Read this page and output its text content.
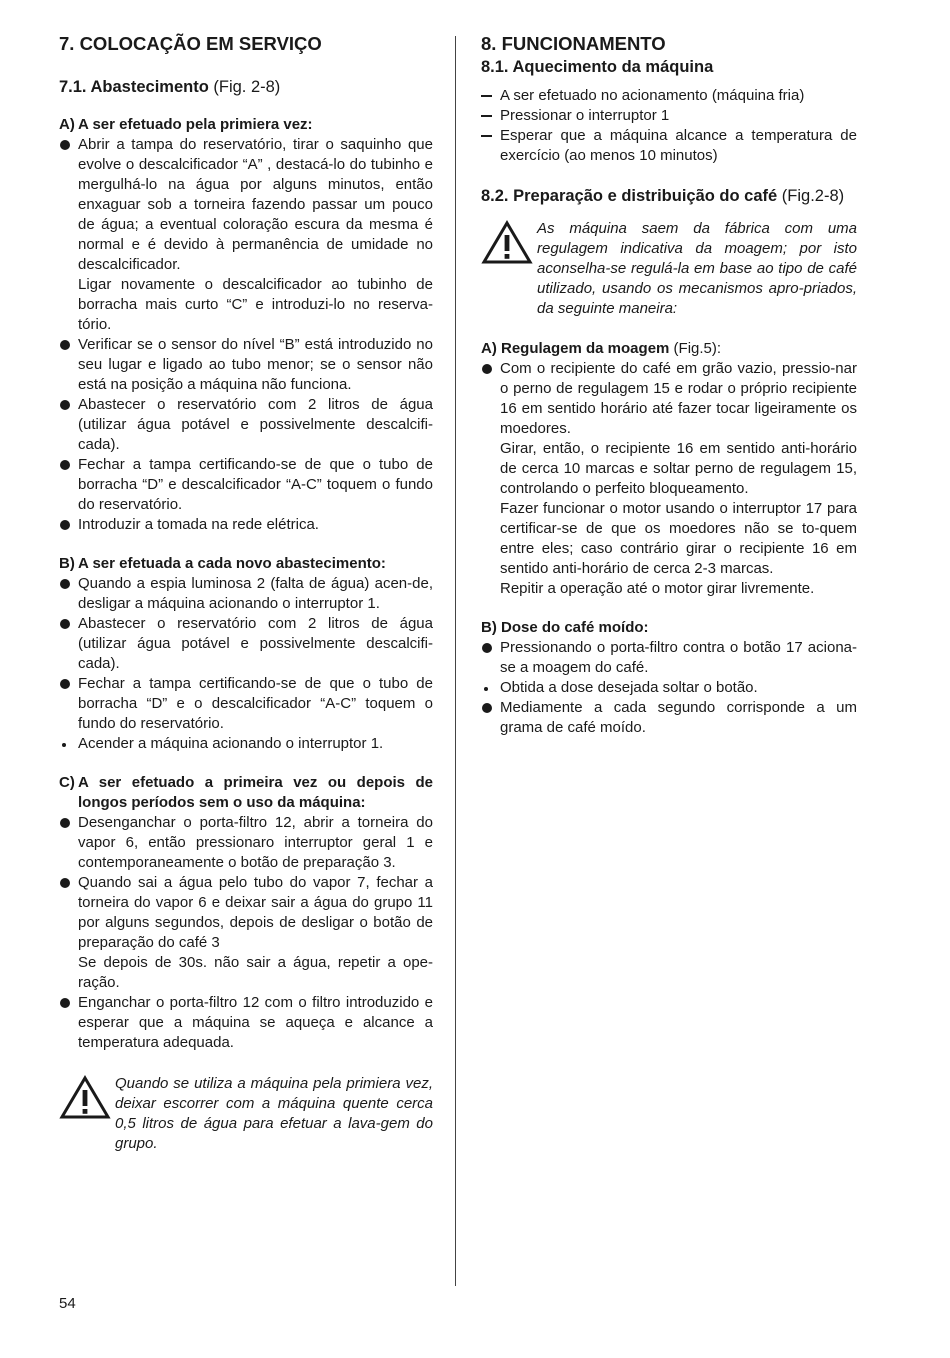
7. COLOCAÇÃO EM SERVIÇO
7.1. Abastecimento (Fig. 2-8)
A) A ser efetuado pela primiera vez:
Abrir a tampa do reservatório, tirar o saquinho que evolve o descalcificador “A” , destacá-lo do tubinho e mergulhá-lo na água por alguns minutos, então enxaguar sob a torneira fazendo passar um pouco de água; a eventual coloração escura da mesma é normal e é devido à permanência de umidade no descalcificador.
Ligar novamente o descalcificador ao tubinho de borracha mais curto “C” e introduzi-lo no reserva-tório.
Verificar se o sensor do nível “B” está introduzido no seu lugar e ligado ao tubo menor; se o sensor não está na posição a máquina não funciona.
Abastecer o reservatório com 2 litros de água (utilizar água potável e possivelmente descalcifi-cada).
Fechar a tampa certificando-se de que o tubo de borracha “D” e descalcificador “A-C” toquem o fundo do reservatório.
Introduzir a tomada na rede elétrica.
B) A ser efetuada a cada novo abastecimento:
Quando a espia luminosa 2 (falta de água) acen-de, desligar a máquina acionando o interruptor 1.
Abastecer o reservatório com 2 litros de água (utilizar água potável e possivelmente descalcifi-cada).
Fechar a tampa certificando-se de que o tubo de borracha “D” e o descalcificador “A-C” toquem o fundo do reservatório.
Acender a máquina acionando o interruptor 1.
C) A ser efetuado a primeira vez ou depois de longos períodos sem o uso da máquina:
Desenganchar o porta-filtro 12, abrir a torneira do vapor 6, então pressionaro interruptor geral 1 e contemporaneamente o botão de preparação 3.
Quando sai a água pelo tubo do vapor 7, fechar a torneira do vapor 6 e deixar sair a água do grupo 11 por alguns segundos, depois de desligar o botão de preparação do café 3
Se depois de 30s. não sair a água, repetir a ope-ração.
Enganchar o porta-filtro 12 com o filtro introduzido e esperar que a máquina se aqueça e alcance a temperatura adequada.
Quando se utiliza a máquina pela primiera vez, deixar escorrer com a máquina quente cerca 0,5 litros de água para efetuar a lava-gem do grupo.
8. FUNCIONAMENTO
8.1. Aquecimento da máquina
A ser efetuado no acionamento (máquina fria)
Pressionar o interruptor 1
Esperar que a máquina alcance a temperatura de exercício (ao menos 10 minutos)
8.2. Preparação e distribuição do café (Fig.2-8)
As máquina saem da fábrica com uma regulagem indicativa da moagem; por isto aconselha-se regulá-la em base ao tipo de café utilizado, usando os mecanismos apro-priados, da seguinte maneira:
A) Regulagem da moagem (Fig.5):
Com o recipiente do café em grão vazio, pressio-nar o perno de regulagem 15 e rodar o próprio recipiente 16 em sentido horário até fazer tocar ligeiramente os moedores.
Girar, então, o recipiente 16 em sentido anti-horário de cerca 10 marcas e soltar perno de regulagem 15, controlando o perfeito bloqueamento.
Fazer funcionar o motor usando o interruptor 17 para certificar-se de que os moedores não se to-quem entre eles; caso contrário girar o recipiente 16 em sentido anti-horário de cerca 2-3 marcas.
Repitir a operação até o motor girar livremente.
B) Dose do café moído:
Pressionando o porta-filtro contra o botão 17 aciona-se a moagem do café.
Obtida a dose desejada soltar o botão.
Mediamente a cada segundo corrisponde a um grama de café moído.
54
